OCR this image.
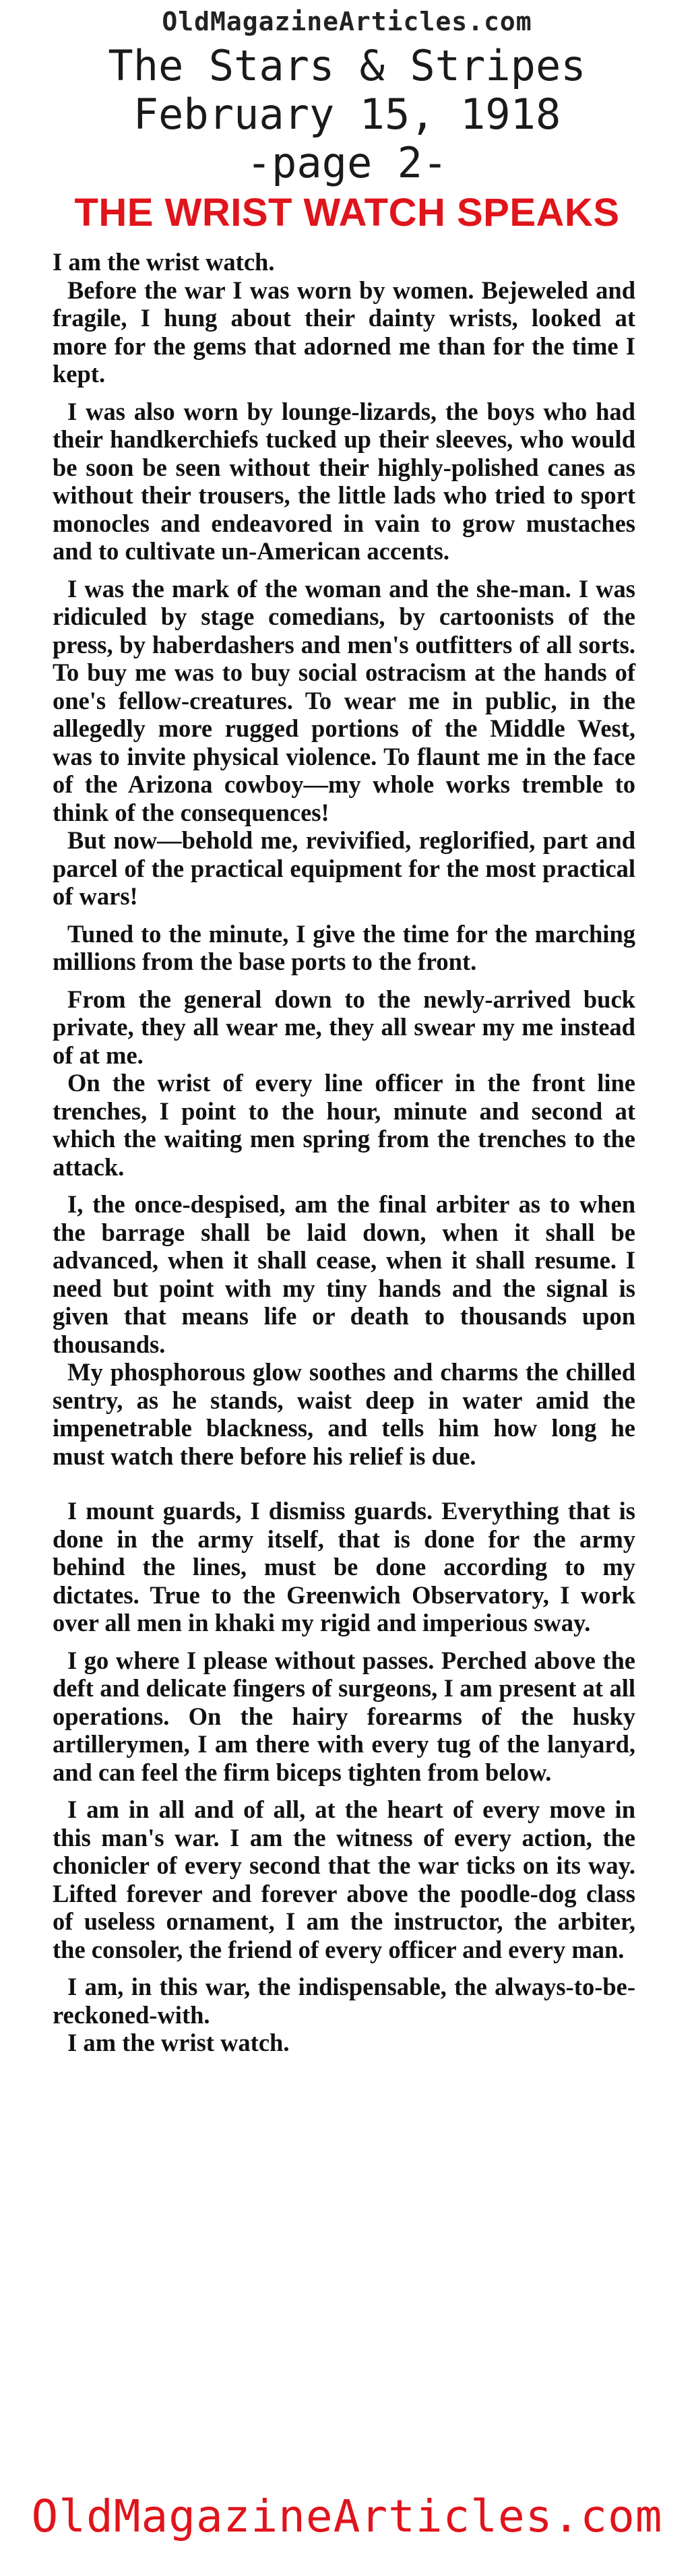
OldMagazineArticles.com
The Stars & Stripes
February 15, 1918
-page 2-
THE WRIST WATCH SPEAKS

I am the wrist watch.

Before the war I was worn by women. Bejeweled and fragile, I hung about their dainty wrists, looked at more for the gems that adorned me than for the time I kept.

I was also worn by lounge-lizards, the boys who had their handkerchiefs tucked up their sleeves, who would be soon be seen without their highly-polished canes as without their trousers, the little lads who tried to sport monocles and endeavored in vain to grow mustaches and to cultivate un-American accents.

I was the mark of the woman and the she-man. I was ridiculed by stage comedians, by cartoonists of the press, by haberdashers and men's outfitters of all sorts. To buy me was to buy social ostracism at the hands of one's fellow-creatures. To wear me in public, in the allegedly more rugged portions of the Middle West, was to invite physical violence. To flaunt me in the face of the Arizona cowboy—my whole works tremble to think of the consequences!

But now—behold me, revivified, reglorified, part and parcel of the practical equipment for the most practical of wars!

Tuned to the minute, I give the time for the marching millions from the base ports to the front.

From the general down to the newly-arrived buck private, they all wear me, they all swear my me instead of at me.

On the wrist of every line officer in the front line trenches, I point to the hour, minute and second at which the waiting men spring from the trenches to the attack.

I, the once-despised, am the final arbiter as to when the barrage shall be laid down, when it shall be advanced, when it shall cease, when it shall resume. I need but point with my tiny hands and the signal is given that means life or death to thousands upon thousands.

My phosphorous glow soothes and charms the chilled sentry, as he stands, waist deep in water amid the impenetrable blackness, and tells him how long he must watch there before his relief is due.

I mount guards, I dismiss guards. Everything that is done in the army itself, that is done for the army behind the lines, must be done according to my dictates. True to the Greenwich Observatory, I work over all men in khaki my rigid and imperious sway.

I go where I please without passes. Perched above the deft and delicate fingers of surgeons, I am present at all operations. On the hairy forearms of the husky artillerymen, I am there with every tug of the lanyard, and can feel the firm biceps tighten from below.

I am in all and of all, at the heart of every move in this man's war. I am the witness of every action, the chonicler of every second that the war ticks on its way. Lifted forever and forever above the poodle-dog class of useless ornament, I am the instructor, the arbiter, the consoler, the friend of every officer and every man.

I am, in this war, the indispensable, the always-to-be-reckoned-with.

I am the wrist watch.

OldMagazineArticles.com
